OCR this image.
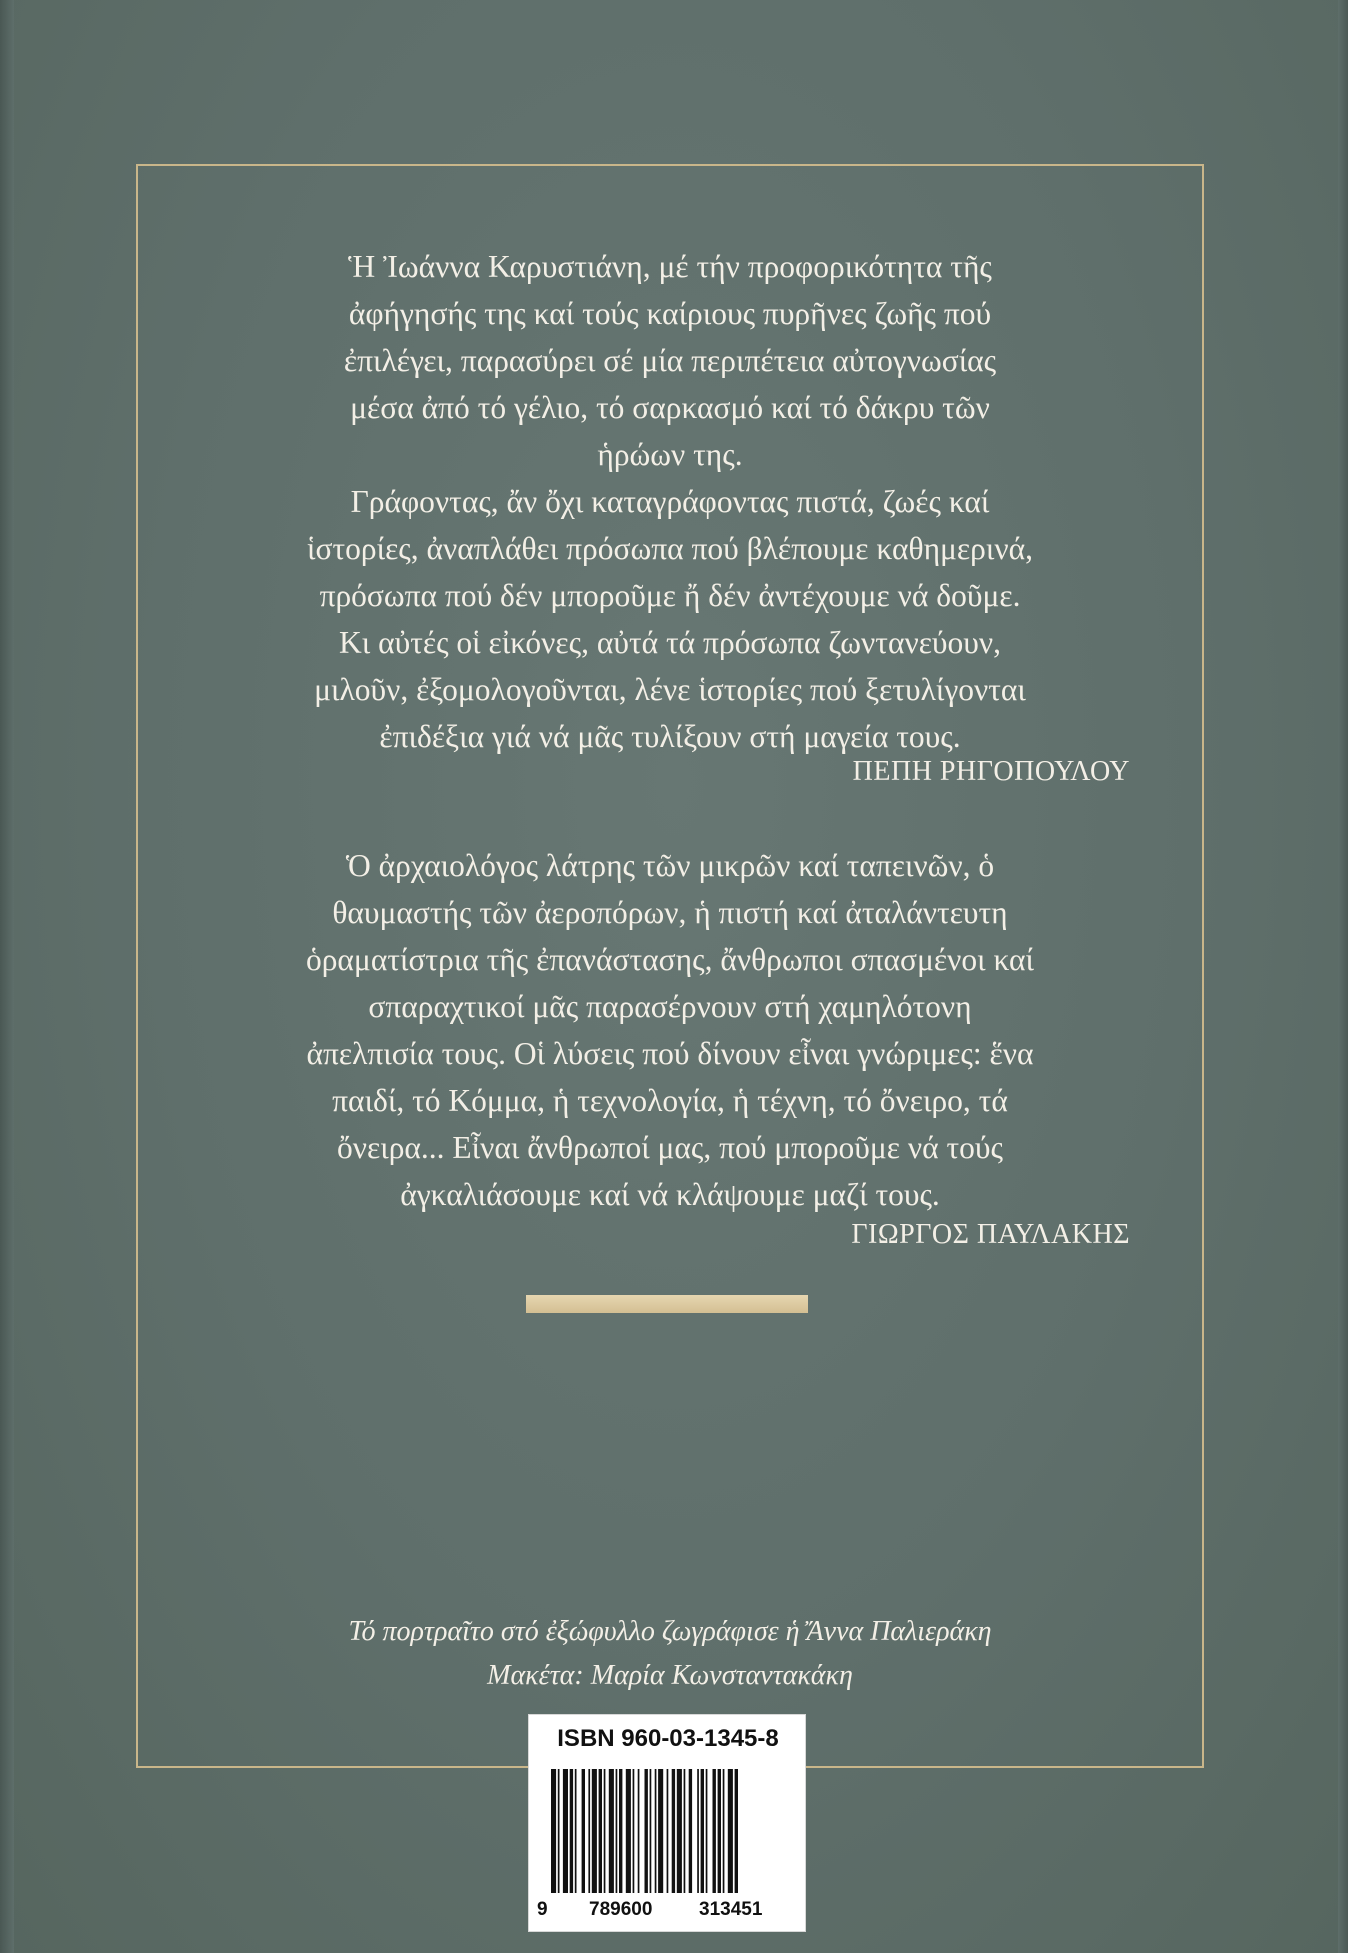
Ἡ Ἰωάννα Καρυστιάνη, μέ τήν προφορικότητα τῆς
ἀφήγησής της καί τούς καίριους πυρῆνες ζωῆς πού
ἐπιλέγει, παρασύρει σέ μία περιπέτεια αὐτογνωσίας
μέσα ἀπό τό γέλιο, τό σαρκασμό καί τό δάκρυ τῶν
ἡρώων της.
Γράφοντας, ἄν ὄχι καταγράφοντας πιστά, ζωές καί
ἱστορίες, ἀναπλάθει πρόσωπα πού βλέπουμε καθημερινά,
πρόσωπα πού δέν μποροῦμε ἤ δέν ἀντέχουμε νά δοῦμε.
Κι αὐτές οἱ εἰκόνες, αὐτά τά πρόσωπα ζωντανεύουν,
μιλοῦν, ἐξομολογοῦνται, λένε ἱστορίες πού ξετυλίγονται
ἐπιδέξια γιά νά μᾶς τυλίξουν στή μαγεία τους.

ΠΕΠΗ ΡΗΓΟΠΟΥΛΟΥ

Ὁ ἀρχαιολόγος λάτρης τῶν μικρῶν καί ταπεινῶν, ὁ
θαυμαστής τῶν ἀεροπόρων, ἡ πιστή καί ἀταλάντευτη
ὁραματίστρια τῆς ἐπανάστασης, ἄνθρωποι σπασμένοι καί
σπαραχτικοί μᾶς παρασέρνουν στή χαμηλότονη
ἀπελπισία τους. Οἱ λύσεις πού δίνουν εἶναι γνώριμες: ἕνα
παιδί, τό Κόμμα, ἡ τεχνολογία, ἡ τέχνη, τό ὄνειρο, τά
ὄνειρα... Εἶναι ἄνθρωποί μας, πού μποροῦμε νά τούς
ἀγκαλιάσουμε καί νά κλάψουμε μαζί τους.

ΓΙΩΡΓΟΣ ΠΑΥΛΑΚΗΣ
Τό πορτραῖτο στό ἐξώφυλλο ζωγράφισε ἡ Ἄννα Παλιεράκη
Μακέτα: Μαρία Κωνσταντακάκη
ISBN 960-03-1345-8
9 789600 313451
